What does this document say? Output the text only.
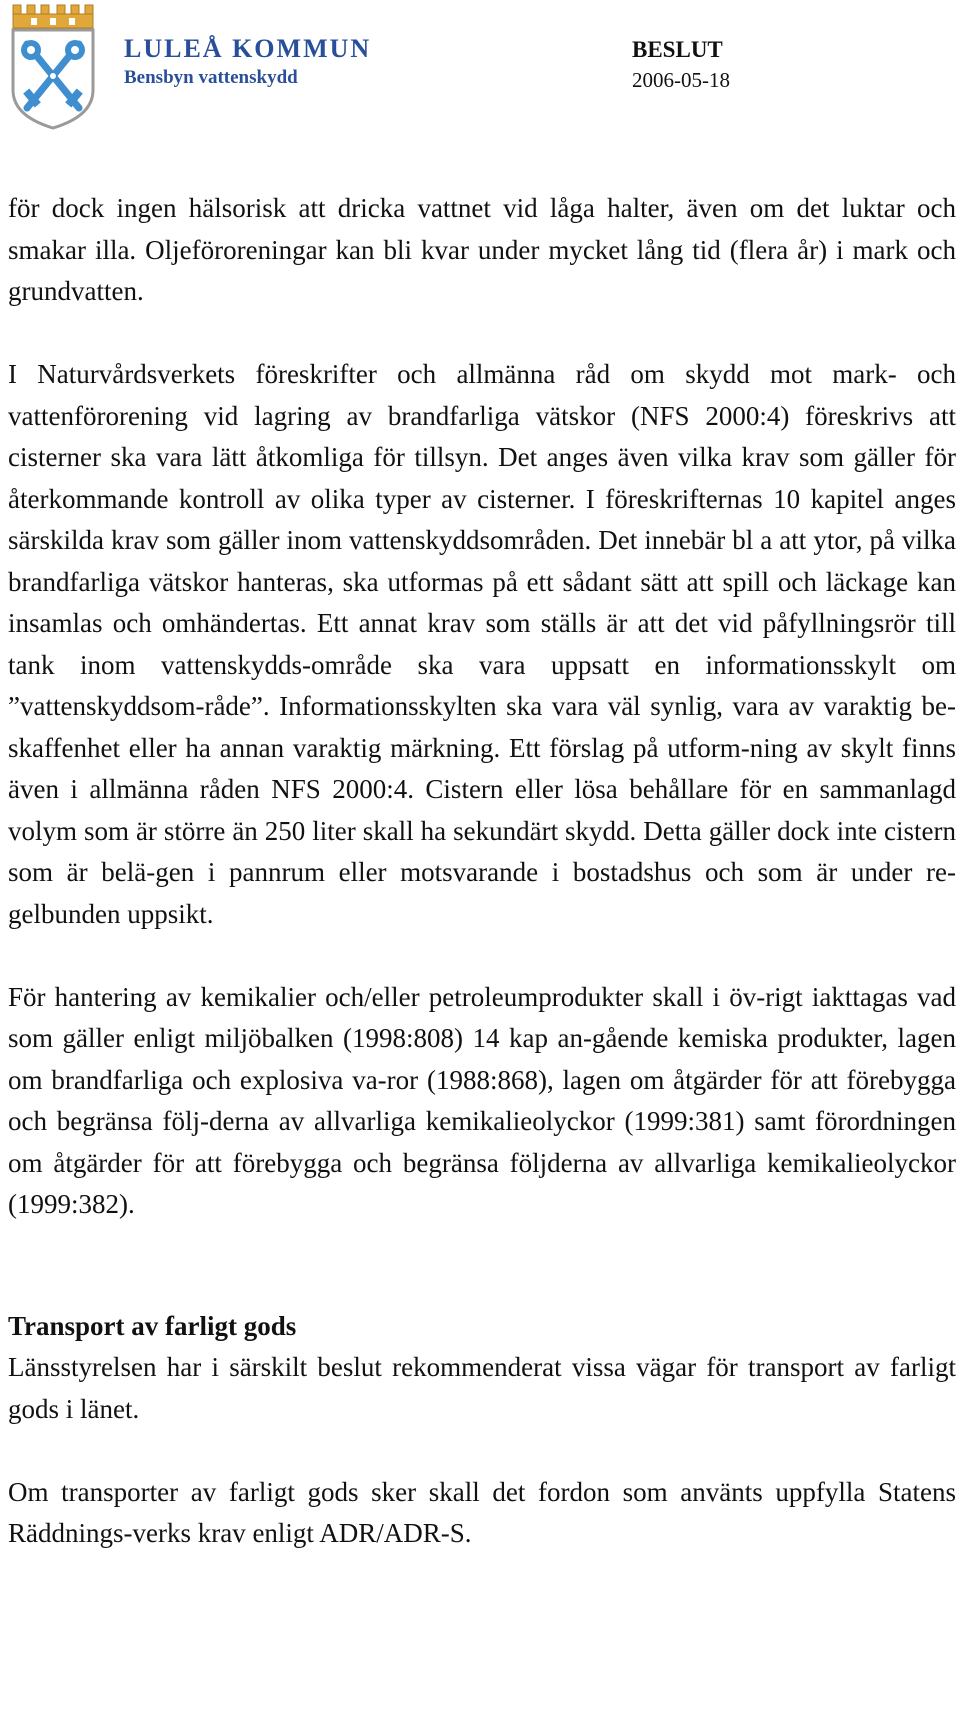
LULEÅ KOMMUN
Bensbyn vattenskydd
BESLUT
2006-05-18

för dock ingen hälsorisk att dricka vattnet vid låga halter, även om det luktar och smakar illa. Oljeföroreningar kan bli kvar under mycket lång tid (flera år) i mark och grundvatten.

I Naturvårdsverkets föreskrifter och allmänna råd om skydd mot mark- och vattenförorening vid lagring av brandfarliga vätskor (NFS 2000:4) föreskrivs att cisterner ska vara lätt åtkomliga för tillsyn. Det anges även vilka krav som gäller för återkommande kontroll av olika typer av cisterner. I föreskrifternas 10 kapitel anges särskilda krav som gäller inom vattenskyddsområden. Det innebär bl a att ytor, på vilka brandfarliga vätskor hanteras, ska utformas på ett sådant sätt att spill och läckage kan insamlas och omhändertas. Ett annat krav som ställs är att det vid påfyllningsrör till tank inom vattenskydds-område ska vara uppsatt en informationsskylt om ”vattenskyddsom-råde”. Informationsskylten ska vara väl synlig, vara av varaktig be-skaffenhet eller ha annan varaktig märkning. Ett förslag på utform-ning av skylt finns även i allmänna råden NFS 2000:4. Cistern eller lösa behållare för en sammanlagd volym som är större än 250 liter skall ha sekundärt skydd. Detta gäller dock inte cistern som är belä-gen i pannrum eller motsvarande i bostadshus och som är under re-gelbunden uppsikt.

För hantering av kemikalier och/eller petroleumprodukter skall i öv-rigt iakttagas vad som gäller enligt miljöbalken (1998:808) 14 kap an-gående kemiska produkter, lagen om brandfarliga och explosiva va-ror (1988:868), lagen om åtgärder för att förebygga och begränsa följ-derna av allvarliga kemikalieolyckor (1999:381) samt förordningen om åtgärder för att förebygga och begränsa följderna av allvarliga kemikalieolyckor (1999:382).

Transport av farligt gods

Länsstyrelsen har i särskilt beslut rekommenderat vissa vägar för transport av farligt gods i länet.

Om transporter av farligt gods sker skall det fordon som använts uppfylla Statens Räddnings-verks krav enligt ADR/ADR-S.
